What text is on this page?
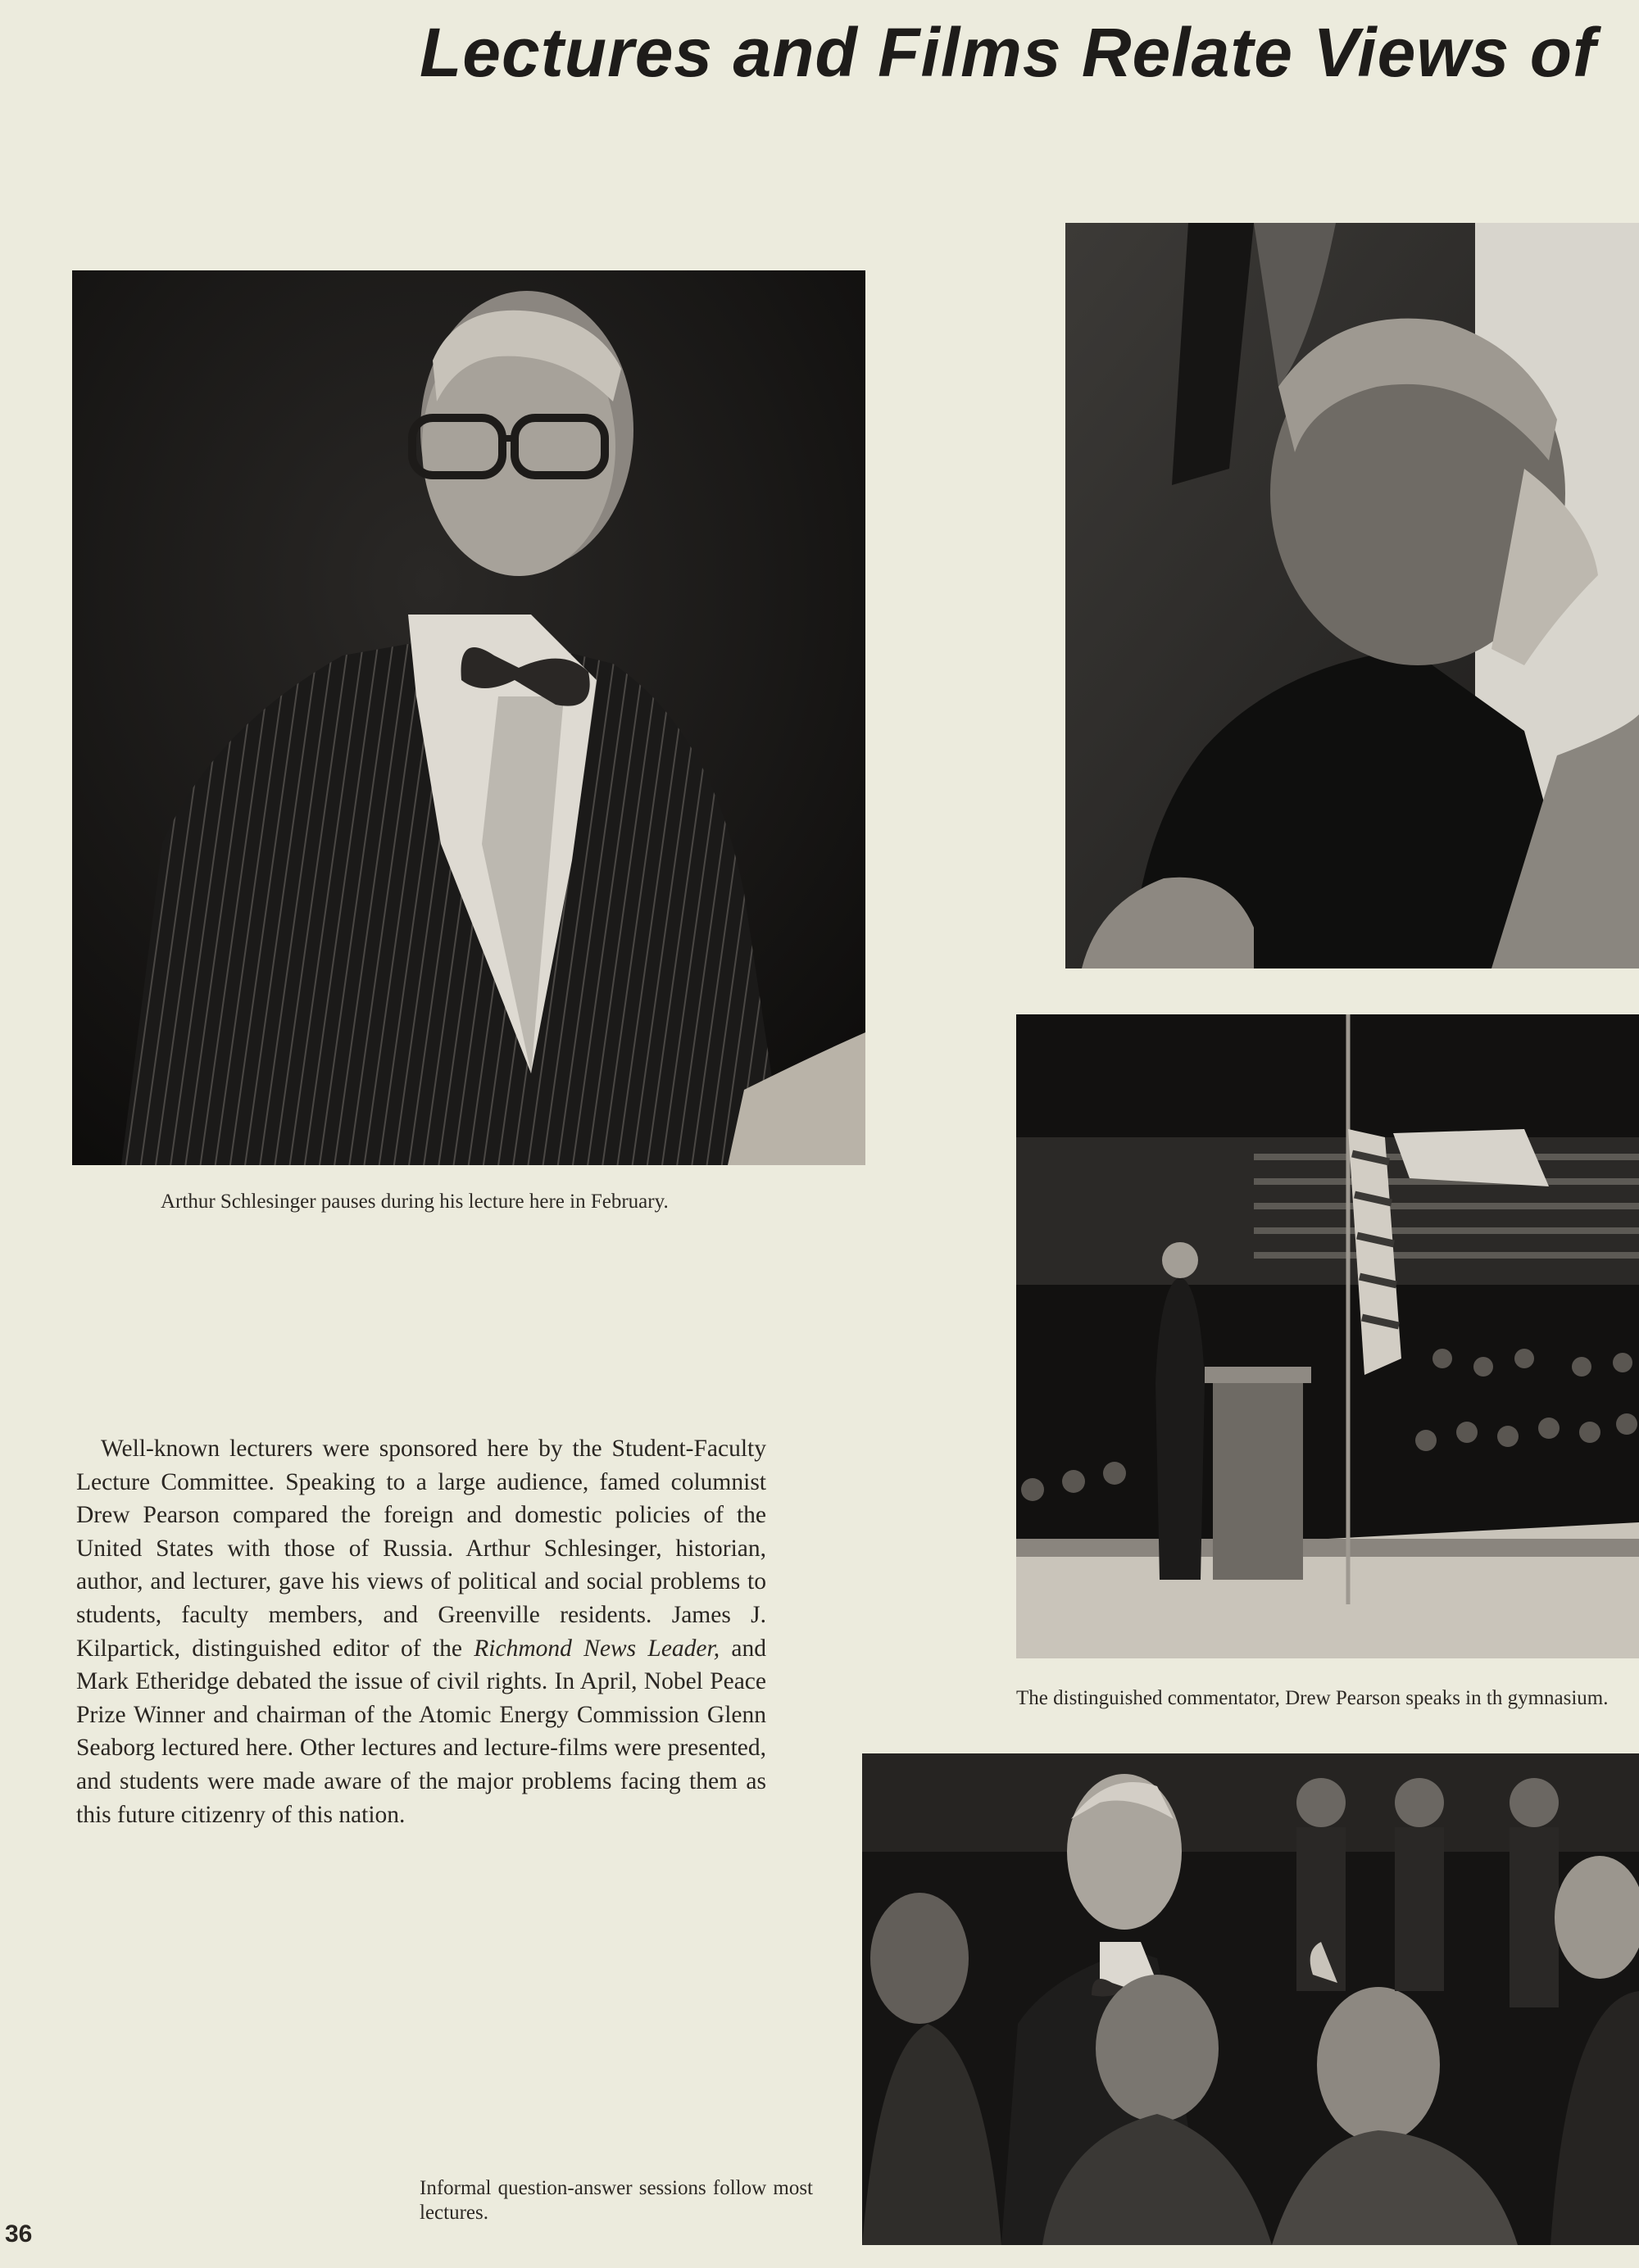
Lectures and Films Relate Views of

Arthur Schlesinger pauses during his lecture here in February.

The distinguished commentator, Drew Pearson speaks in th gymnasium.

Informal question-answer sessions follow most lectures.

Well-known lecturers were sponsored here by the Student-Faculty Lecture Committee. Speaking to a large audience, famed columnist Drew Pearson compared the foreign and domestic policies of the United States with those of Russia. Arthur Schlesinger, historian, author, and lecturer, gave his views of political and social problems to students, faculty members, and Greenville residents. James J. Kilpartick, distinguished editor of the Richmond News Leader, and Mark Etheridge debated the issue of civil rights. In April, Nobel Peace Prize Winner and chairman of the Atomic Energy Commission Glenn Seaborg lectured here. Other lectures and lecture-films were presented, and students were made aware of the major problems facing them as this future citizenry of this nation.

36
